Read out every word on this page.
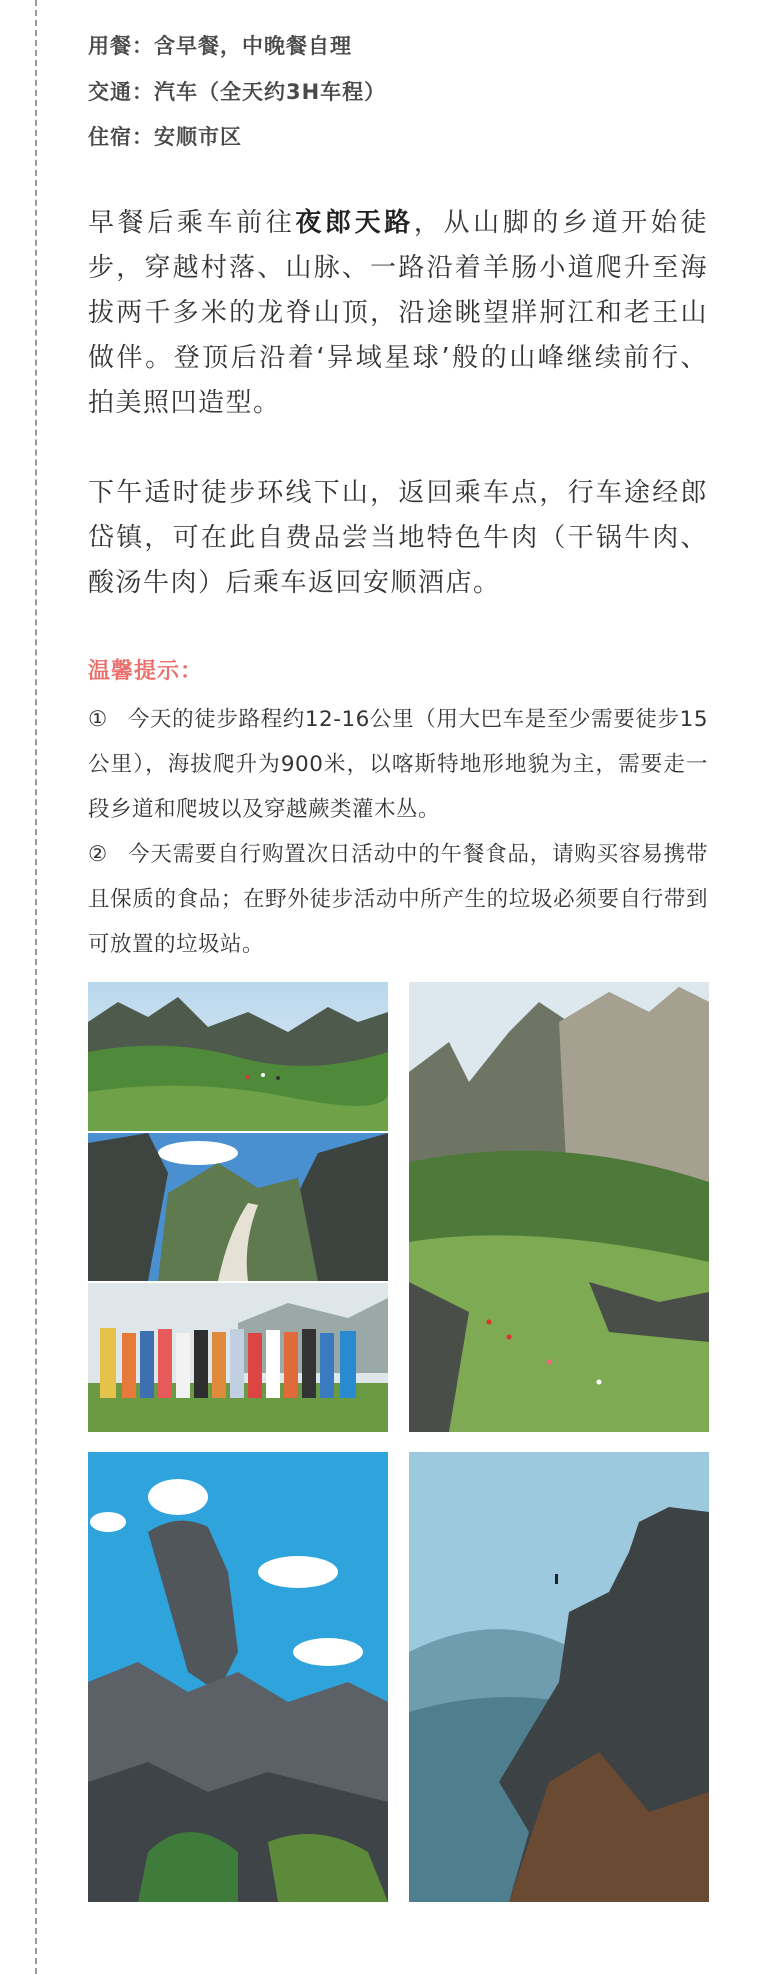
用餐：含早餐，中晚餐自理
交通：汽车（全天约3H车程）
住宿：安顺市区

早餐后乘车前往夜郎天路，从山脚的乡道开始徒步，穿越村落、山脉、一路沿着羊肠小道爬升至海拔两千多米的龙脊山顶，沿途眺望牂牁江和老王山做伴。登顶后沿着‘异域星球’般的山峰继续前行、拍美照凹造型。

下午适时徒步环线下山，返回乘车点，行车途经郎岱镇，可在此自费品尝当地特色牛肉（干锅牛肉、酸汤牛肉）后乘车返回安顺酒店。

温馨提示：

① 今天的徒步路程约12-16公里（用大巴车是至少需要徒步15公里），海拔爬升为900米，以喀斯特地形地貌为主，需要走一段乡道和爬坡以及穿越蕨类灌木丛。

② 今天需要自行购置次日活动中的午餐食品，请购买容易携带且保质的食品；在野外徒步活动中所产生的垃圾必须要自行带到可放置的垃圾站。
